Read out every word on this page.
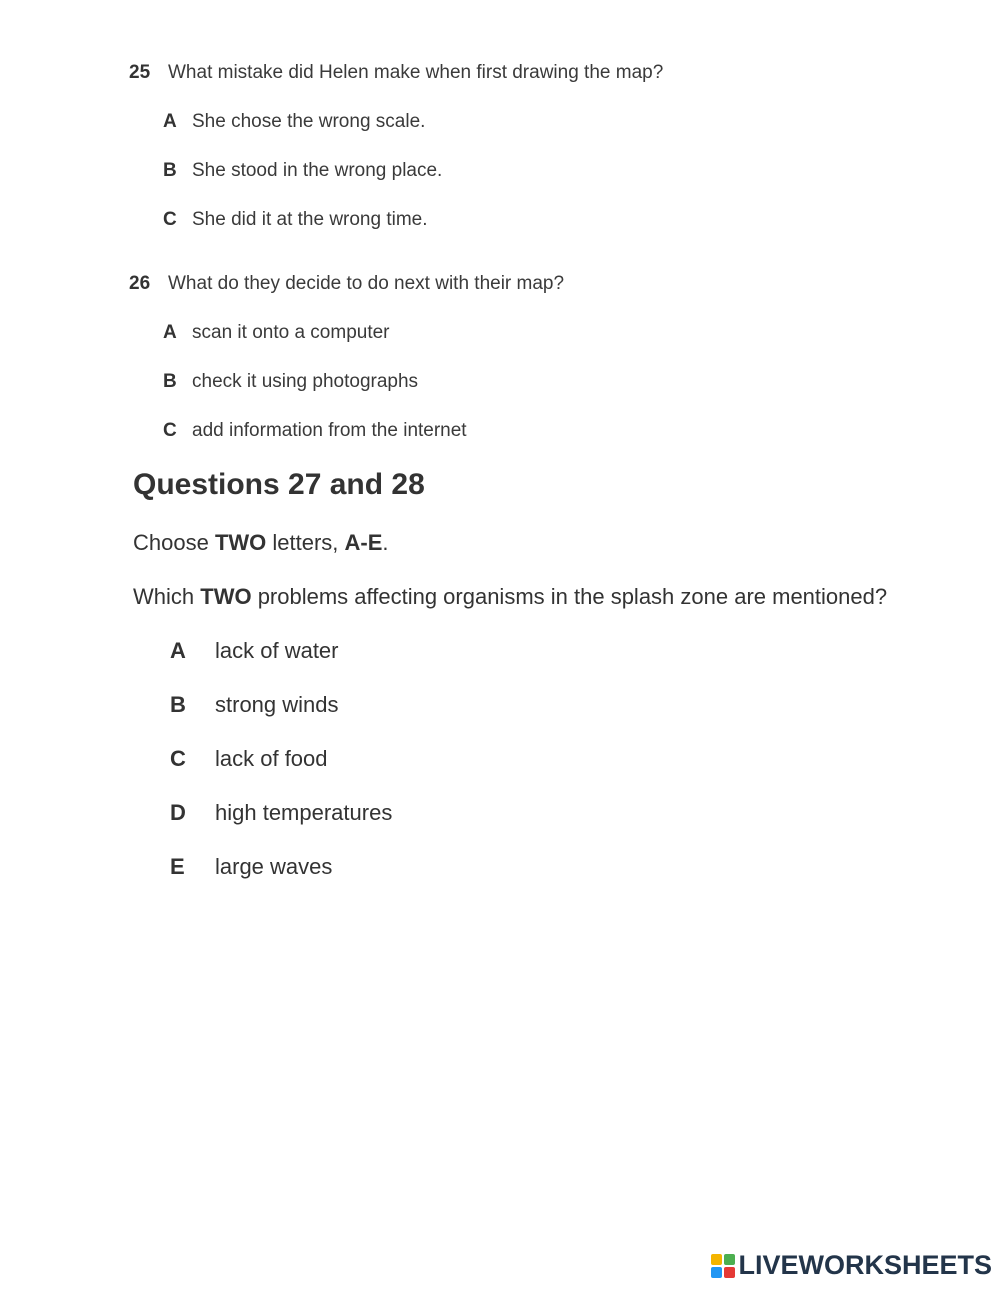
25 What mistake did Helen make when first drawing the map?
A She chose the wrong scale.
B She stood in the wrong place.
C She did it at the wrong time.
26 What do they decide to do next with their map?
A scan it onto a computer
B check it using photographs
C add information from the internet
Questions 27 and 28
Choose TWO letters, A-E.
Which TWO problems affecting organisms in the splash zone are mentioned?
A lack of water
B strong winds
C lack of food
D high temperatures
E large waves
LIVEWORKSHEETS
